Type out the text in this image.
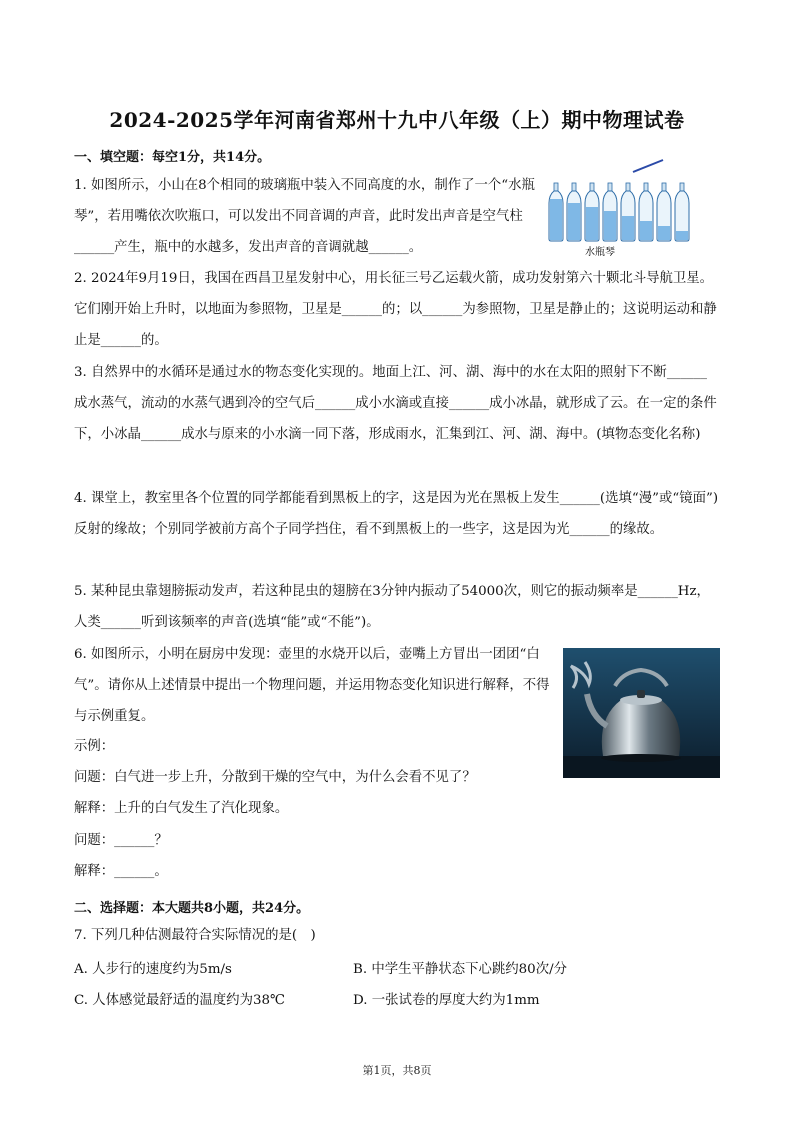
2024-2025学年河南省郑州十九中八年级（上）期中物理试卷
一、填空题：每空1分，共14分。
1. 如图所示，小山在8个相同的玻璃瓶中装入不同高度的水，制作了一个“水瓶琴”，若用嘴依次吹瓶口，可以发出不同音调的声音，此时发出声音是空气柱______产生，瓶中的水越多，发出声音的音调就越______。	水瓶琴
2. 2024年9月19日，我国在西昌卫星发射中心，用长征三号乙运载火箭，成功发射第六十颗北斗导航卫星。它们刚开始上升时，以地面为参照物，卫星是______的；以______为参照物，卫星是静止的；这说明运动和静止是______的。
3. 自然界中的水循环是通过水的物态变化实现的。地面上江、河、湖、海中的水在太阳的照射下不断______成水蒸气，流动的水蒸气遇到冷的空气后______成小水滴或直接______成小冰晶，就形成了云。在一定的条件下，小冰晶______成水与原来的小水滴一同下落，形成雨水，汇集到江、河、湖、海中。(填物态变化名称)
4. 课堂上，教室里各个位置的同学都能看到黑板上的字，这是因为光在黑板上发生______(选填“漫”或“镜面”)反射的缘故；个别同学被前方高个子同学挡住，看不到黑板上的一些字，这是因为光______的缘故。
5. 某种昆虫靠翅膀振动发声，若这种昆虫的翅膀在3分钟内振动了54000次，则它的振动频率是______Hz，人类______听到该频率的声音(选填“能”或“不能”)。
6. 如图所示，小明在厨房中发现：壶里的水烧开以后，壶嘴上方冒出一团团“白气”。请你从上述情景中提出一个物理问题，并运用物态变化知识进行解释，不得与示例重复。
示例：
问题：白气进一步上升，分散到干燥的空气中，为什么会看不见了？
解释：上升的白气发生了汽化现象。
问题：______？
解释：______。
二、选择题：本大题共8小题，共24分。
7. 下列几种估测最符合实际情况的是(　)
A. 人步行的速度约为5m/s	B. 中学生平静状态下心跳约80次/分
C. 人体感觉最舒适的温度约为38℃	D. 一张试卷的厚度大约为1mm
第1页，共8页
